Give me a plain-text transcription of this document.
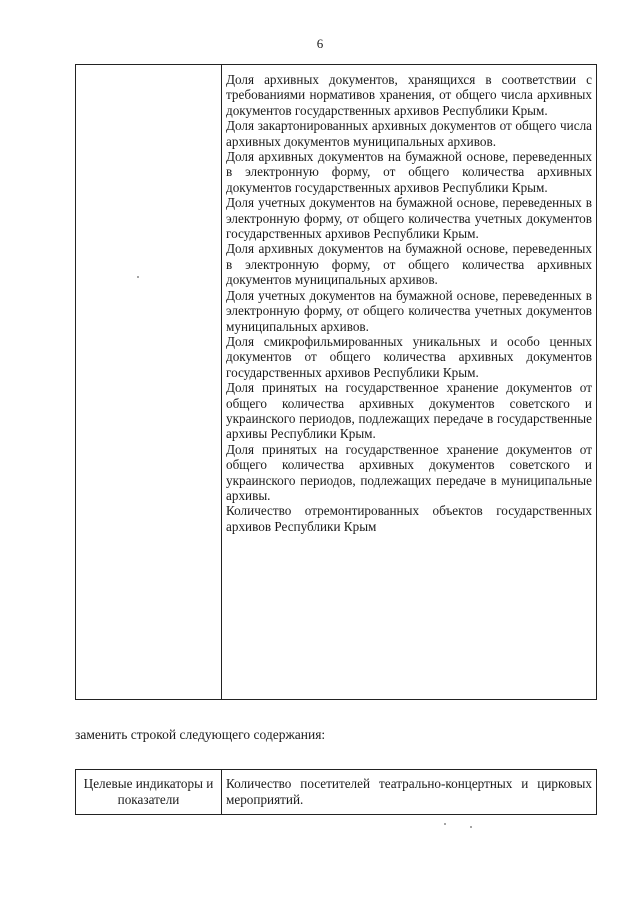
6

Доля архивных документов, хранящихся в соответствии с требованиями нормативов хранения, от общего числа архивных документов государственных архивов Республики Крым.

Доля закартонированных архивных документов от общего числа архивных документов муниципальных архивов.

Доля архивных документов на бумажной основе, переведенных в электронную форму, от общего количества архивных документов государственных архивов Республики Крым.

Доля учетных документов на бумажной основе, переведенных в электронную форму, от общего количества учетных документов государственных архивов Республики Крым.

Доля архивных документов на бумажной основе, переведенных в электронную форму, от общего количества архивных документов муниципальных архивов.

Доля учетных документов на бумажной основе, переведенных в электронную форму, от общего количества учетных документов муниципальных архивов.

Доля смикрофильмированных уникальных и особо ценных документов от общего количества архивных документов государственных архивов Республики Крым.

Доля принятых на государственное хранение документов от общего количества архивных документов советского и украинского периодов, подлежащих передаче в государственные архивы Республики Крым.

Доля принятых на государственное хранение документов от общего количества архивных документов советского и украинского периодов, подлежащих передаче в муниципальные архивы.

Количество отремонтированных объектов государственных архивов Республики Крым

заменить строкой следующего содержания:
Целевые индикаторы и показатели
Количество посетителей театрально-концертных и цирковых мероприятий.
